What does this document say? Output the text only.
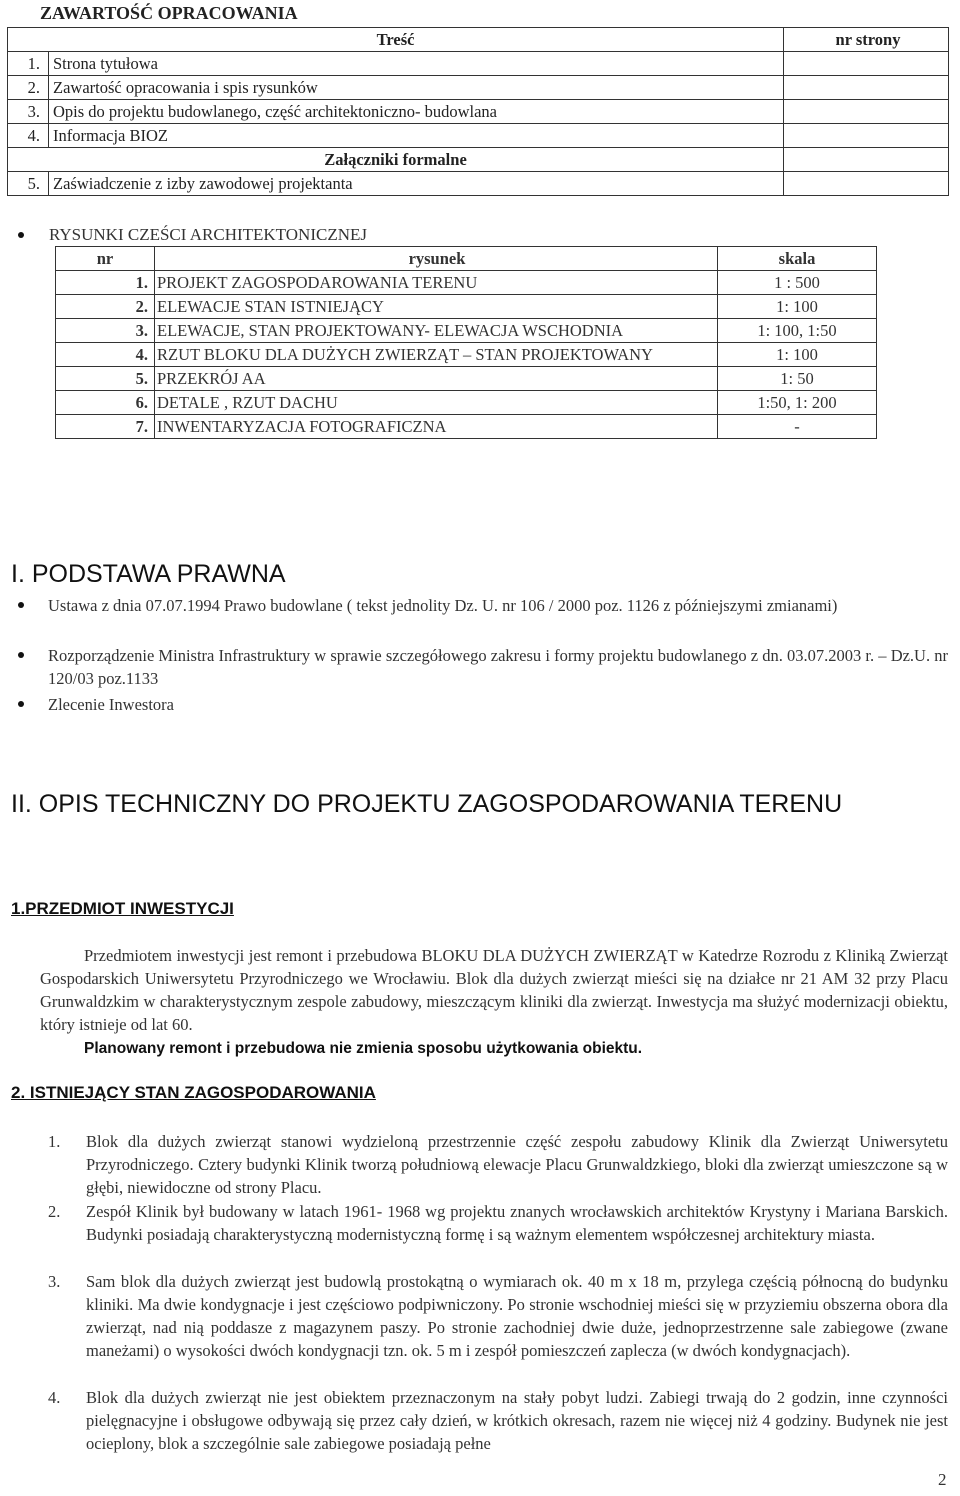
ZAWARTOŚĆ OPRACOWANIA
Treść		nr strony
1.	Strona tytułowa	
2.	Zawartość opracowania i spis rysunków	
3.	Opis do projektu budowlanego, część architektoniczno- budowlana	
4.	Informacja BIOZ	
Załączniki formalne		
5.	Zaświadczenie z izby zawodowej projektanta	
RYSUNKI CZEŚCI ARCHITEKTONICZNEJ
nr	rysunek	skala
1.	PROJEKT ZAGOSPODAROWANIA TERENU	1 : 500
2.	ELEWACJE STAN ISTNIEJĄCY	1: 100
3.	ELEWACJE, STAN PROJEKTOWANY- ELEWACJA WSCHODNIA	1: 100, 1:50
4.	RZUT BLOKU DLA DUŻYCH ZWIERZĄT – STAN PROJEKTOWANY	1: 100
5.	PRZEKRÓJ AA	1: 50
6.	DETALE , RZUT DACHU	1:50, 1: 200
7.	INWENTARYZACJA FOTOGRAFICZNA	-
I. PODSTAWA PRAWNA
Ustawa z dnia 07.07.1994 Prawo budowlane ( tekst jednolity Dz. U. nr 106 / 2000 poz. 1126 z późniejszymi zmianami)
Rozporządzenie Ministra Infrastruktury w sprawie szczegółowego zakresu i formy projektu budowlanego z dn. 03.07.2003 r. – Dz.U. nr 120/03 poz.1133
Zlecenie Inwestora
II. OPIS TECHNICZNY DO PROJEKTU ZAGOSPODAROWANIA TERENU
1.PRZEDMIOT INWESTYCJI
Przedmiotem inwestycji jest remont i przebudowa BLOKU DLA DUŻYCH ZWIERZĄT w Katedrze Rozrodu z Kliniką Zwierząt Gospodarskich Uniwersytetu Przyrodniczego we Wrocławiu. Blok dla dużych zwierząt mieści się na działce nr 21 AM 32 przy Placu Grunwaldzkim w charakterystycznym zespole zabudowy, mieszczącym kliniki dla zwierząt. Inwestycja ma służyć modernizacji obiektu, który istnieje od lat 60.
Planowany remont i przebudowa nie zmienia sposobu użytkowania obiektu.
2. ISTNIEJĄCY STAN ZAGOSPODAROWANIA
1. Blok dla dużych zwierząt stanowi wydzieloną przestrzennie część zespołu zabudowy Klinik dla Zwierząt Uniwersytetu Przyrodniczego. Cztery budynki Klinik tworzą południową elewacje Placu Grunwaldzkiego, bloki dla zwierząt umieszczone są w głębi, niewidoczne od strony Placu.
2. Zespół Klinik był budowany w latach 1961- 1968 wg projektu znanych wrocławskich architektów Krystyny i Mariana Barskich. Budynki posiadają charakterystyczną modernistyczną formę i są ważnym elementem współczesnej architektury miasta.
3. Sam blok dla dużych zwierząt jest budowlą prostokątną o wymiarach ok. 40 m x 18 m, przylega częścią północną do budynku kliniki. Ma dwie kondygnacje i jest częściowo podpiwniczony. Po stronie wschodniej mieści się w przyziemiu obszerna obora dla zwierząt, nad nią poddasze z magazynem paszy. Po stronie zachodniej dwie duże, jednoprzestrzenne sale zabiegowe (zwane maneżami) o wysokości dwóch kondygnacji tzn. ok. 5 m i zespół pomieszczeń zaplecza (w dwóch kondygnacjach).
4. Blok dla dużych zwierząt nie jest obiektem przeznaczonym na stały pobyt ludzi. Zabiegi trwają do 2 godzin, inne czynności pielęgnacyjne i obsługowe odbywają się przez cały dzień, w krótkich okresach, razem nie więcej niż 4 godziny. Budynek nie jest ocieplony, blok a szczególnie sale zabiegowe posiadają pełne
2
